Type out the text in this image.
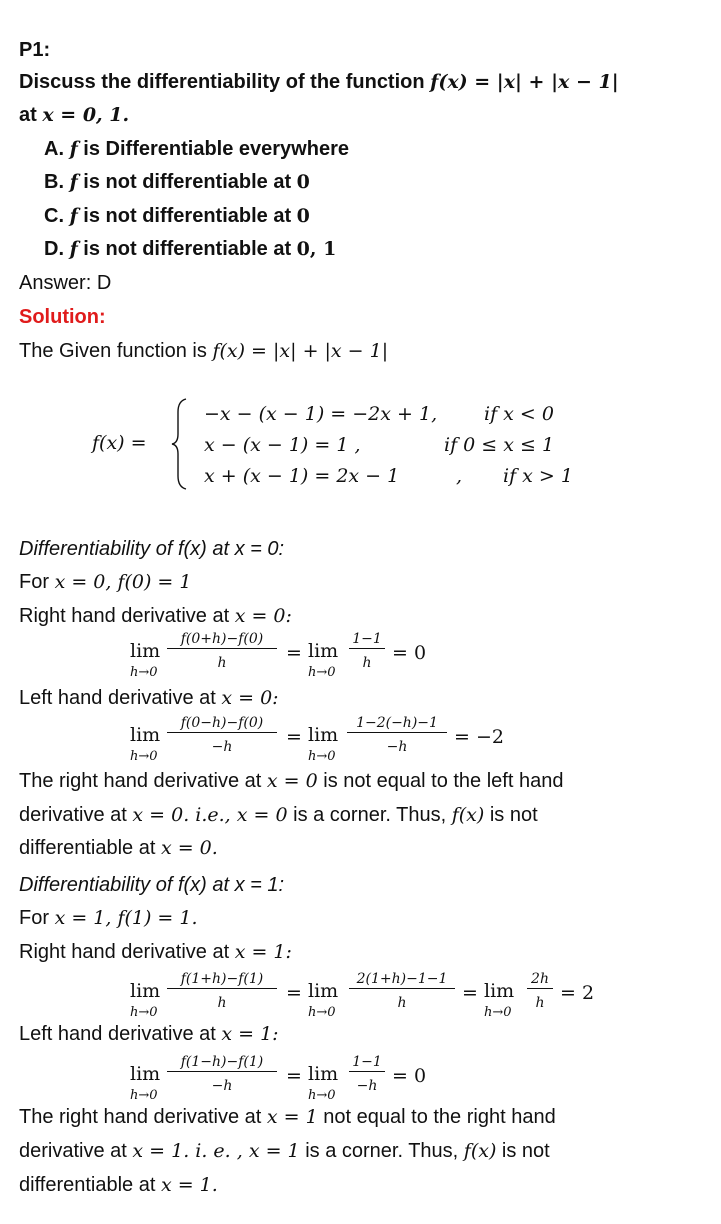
P1:
Discuss the differentiability of the function f(x) = |x| + |x − 1|
at x = 0, 1.
A. f is Differentiable everywhere
B. f is not differentiable at 0
C. f is not differentiable at 0
D. f is not differentiable at 0, 1
Answer: D
Solution:
The Given function is f(x) = |x| + |x − 1|
f(x) =
−x − (x − 1) = −2x + 1, if x < 0
x − (x − 1) = 1 ,	if 0 ≤ x ≤ 1
x + (x − 1) = 2x − 1	, if x > 1
Differentiability of f(x) at x = 0:
For x = 0, f(0) = 1
Right hand derivative at x = 0:
lim
h→0
$\frac{f(0+h)-f(0)}{h} = \lim$
h→0
$\frac{1-1}{h} = 0$
Left hand derivative at x = 0:
lim
h→0
$\frac{f(0-h)-f(0)}{-h} = \lim$
h→0
$\frac{1-2(-h)-1}{-h} = -2$
The right hand derivative at x = 0 is not equal to the left hand
derivative at x = 0. i.e., x = 0 is a corner. Thus, f(x) is not
differentiable at x = 0.
Differentiability of f(x) at x = 1:
For x = 1, f(1) = 1.
Right hand derivative at x = 1:
lim
h→0
$\frac{f(1+h)-f(1)}{h} = \lim$
h→0
$\frac{2(1+h)-1-1}{h} = \lim$
h→0
$\frac{2h}{h} = 2$
Left hand derivative at x = 1:
lim
h→0
$\frac{f(1-h)-f(1)}{-h} = \lim$
h→0
$\frac{1-1}{-h} = 0$
The right hand derivative at x = 1 not equal to the right hand
derivative at x = 1. i. e. , x = 1 is a corner. Thus, f(x) is not
differentiable at x = 1.
